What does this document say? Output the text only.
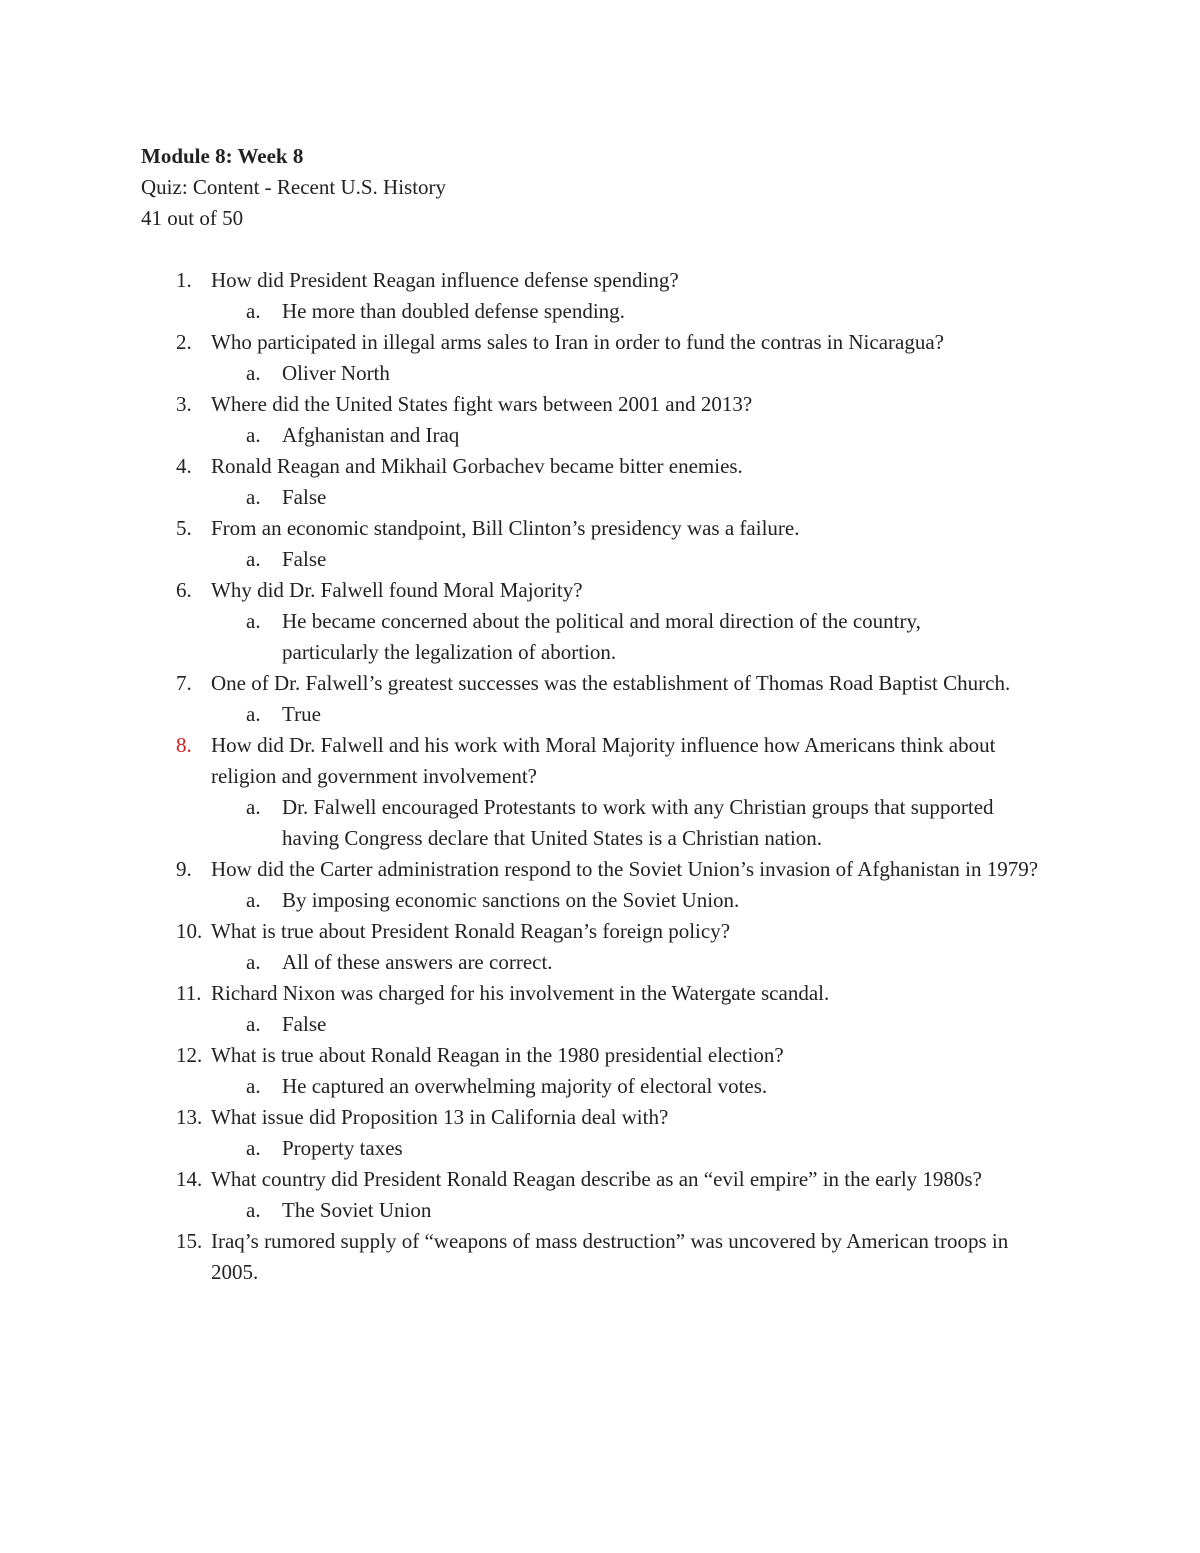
Module 8: Week 8
Quiz: Content - Recent U.S. History
41 out of 50
1. How did President Reagan influence defense spending?
a. He more than doubled defense spending.
2. Who participated in illegal arms sales to Iran in order to fund the contras in Nicaragua?
a. Oliver North
3. Where did the United States fight wars between 2001 and 2013?
a. Afghanistan and Iraq
4. Ronald Reagan and Mikhail Gorbachev became bitter enemies.
a. False
5. From an economic standpoint, Bill Clinton’s presidency was a failure.
a. False
6. Why did Dr. Falwell found Moral Majority?
a. He became concerned about the political and moral direction of the country, particularly the legalization of abortion.
7. One of Dr. Falwell’s greatest successes was the establishment of Thomas Road Baptist Church.
a. True
8. How did Dr. Falwell and his work with Moral Majority influence how Americans think about religion and government involvement?
a. Dr. Falwell encouraged Protestants to work with any Christian groups that supported having Congress declare that United States is a Christian nation.
9. How did the Carter administration respond to the Soviet Union’s invasion of Afghanistan in 1979?
a. By imposing economic sanctions on the Soviet Union.
10. What is true about President Ronald Reagan’s foreign policy?
a. All of these answers are correct.
11. Richard Nixon was charged for his involvement in the Watergate scandal.
a. False
12. What is true about Ronald Reagan in the 1980 presidential election?
a. He captured an overwhelming majority of electoral votes.
13. What issue did Proposition 13 in California deal with?
a. Property taxes
14. What country did President Ronald Reagan describe as an “evil empire” in the early 1980s?
a. The Soviet Union
15. Iraq’s rumored supply of “weapons of mass destruction” was uncovered by American troops in 2005.
